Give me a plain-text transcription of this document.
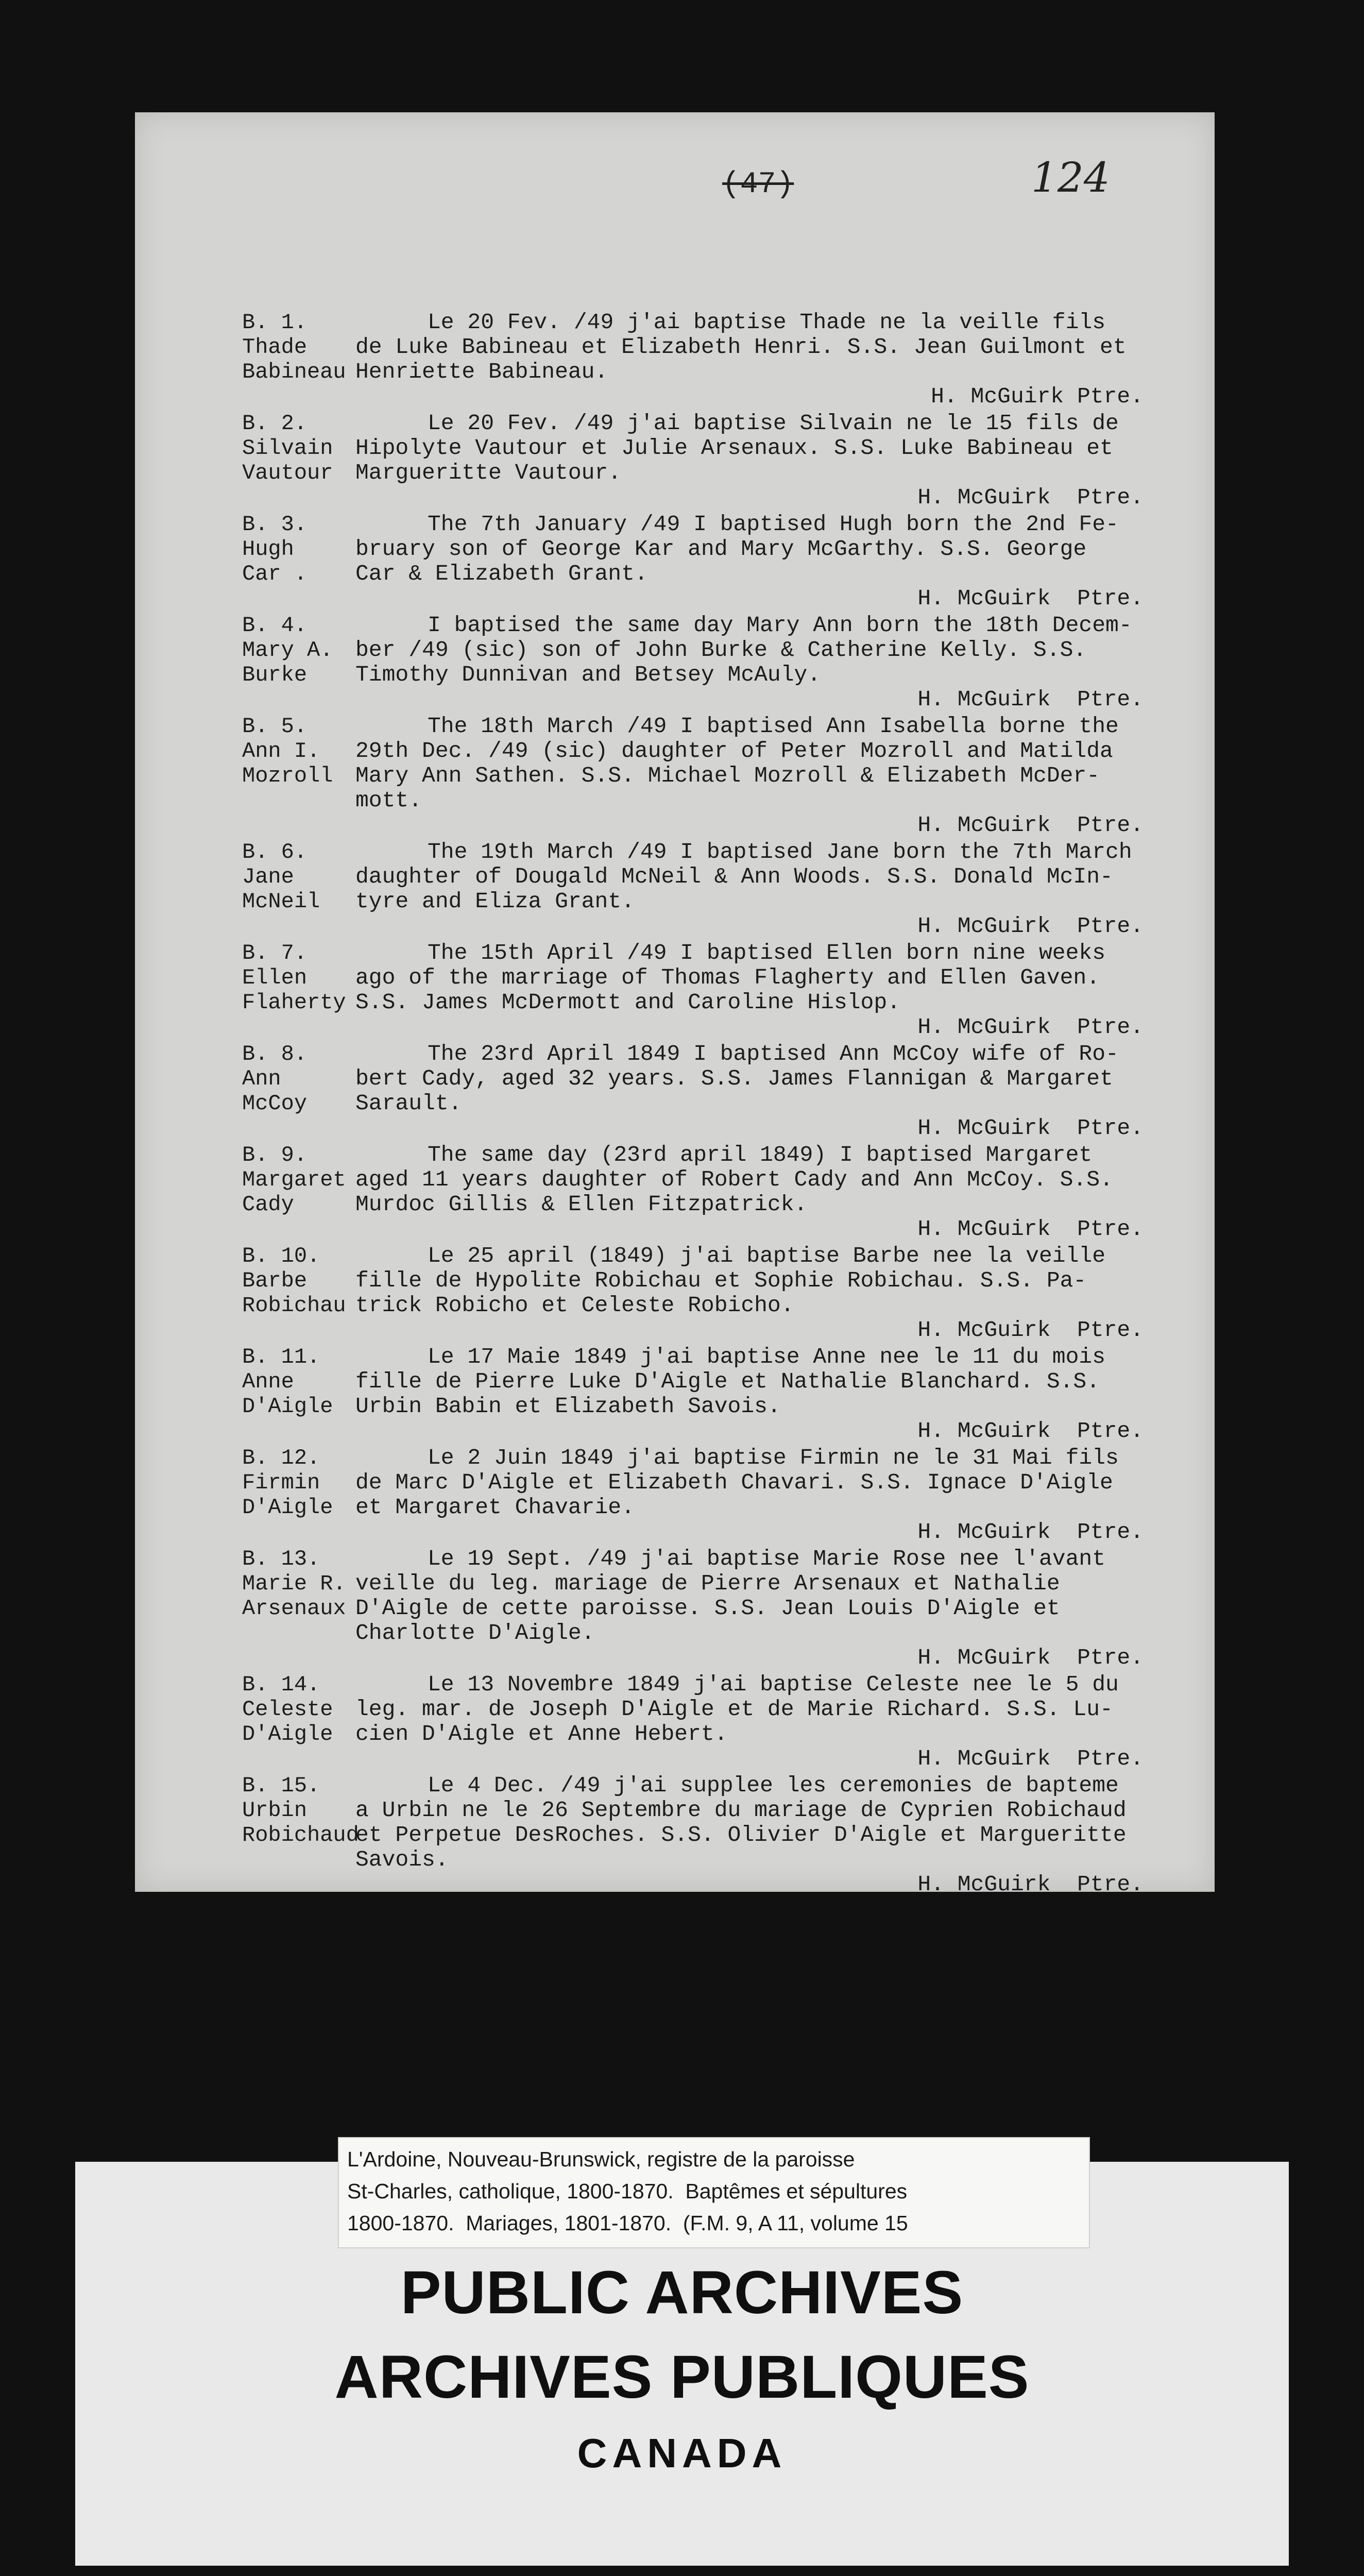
(47)	124
B. 1.
Thade
Babineau
Le 20 Fev. /49 j'ai baptise Thade ne la veille fils
de Luke Babineau et Elizabeth Henri. S.S. Jean Guilmont et
Henriette Babineau.
H. McGuirk Ptre.
B. 2.
Silvain
Vautour
Le 20 Fev. /49 j'ai baptise Silvain ne le 15 fils de
Hipolyte Vautour et Julie Arsenaux. S.S. Luke Babineau et
Margueritte Vautour.
H. McGuirk  Ptre.
B. 3.
Hugh
Car .
The 7th January /49 I baptised Hugh born the 2nd Fe-
bruary son of George Kar and Mary McGarthy. S.S. George
Car & Elizabeth Grant.
H. McGuirk  Ptre.
B. 4.
Mary A.
Burke
I baptised the same day Mary Ann born the 18th Decem-
ber /49 (sic) son of John Burke & Catherine Kelly. S.S.
Timothy Dunnivan and Betsey McAuly.
H. McGuirk  Ptre.
B. 5.
Ann I.
Mozroll
The 18th March /49 I baptised Ann Isabella borne the
29th Dec. /49 (sic) daughter of Peter Mozroll and Matilda
Mary Ann Sathen. S.S. Michael Mozroll & Elizabeth McDer-
mott.
H. McGuirk  Ptre.
B. 6.
Jane
McNeil
The 19th March /49 I baptised Jane born the 7th March
daughter of Dougald McNeil & Ann Woods. S.S. Donald McIn-
tyre and Eliza Grant.
H. McGuirk  Ptre.
B. 7.
Ellen
Flaherty
The 15th April /49 I baptised Ellen born nine weeks
ago of the marriage of Thomas Flagherty and Ellen Gaven.
S.S. James McDermott and Caroline Hislop.
H. McGuirk  Ptre.
B. 8.
Ann
McCoy
The 23rd April 1849 I baptised Ann McCoy wife of Ro-
bert Cady, aged 32 years. S.S. James Flannigan & Margaret
Sarault.
H. McGuirk  Ptre.
B. 9.
Margaret
Cady
The same day (23rd april 1849) I baptised Margaret
aged 11 years daughter of Robert Cady and Ann McCoy. S.S.
Murdoc Gillis & Ellen Fitzpatrick.
H. McGuirk  Ptre.
B. 10.
Barbe
Robichau
Le 25 april (1849) j'ai baptise Barbe nee la veille
fille de Hypolite Robichau et Sophie Robichau. S.S. Pa-
trick Robicho et Celeste Robicho.
H. McGuirk  Ptre.
B. 11.
Anne
D'Aigle
Le 17 Maie 1849 j'ai baptise Anne nee le 11 du mois
fille de Pierre Luke D'Aigle et Nathalie Blanchard. S.S.
Urbin Babin et Elizabeth Savois.
H. McGuirk  Ptre.
B. 12.
Firmin
D'Aigle
Le 2 Juin 1849 j'ai baptise Firmin ne le 31 Mai fils
de Marc D'Aigle et Elizabeth Chavari. S.S. Ignace D'Aigle
et Margaret Chavarie.
H. McGuirk  Ptre.
B. 13.
Marie R.
Arsenaux
Le 19 Sept. /49 j'ai baptise Marie Rose nee l'avant
veille du leg. mariage de Pierre Arsenaux et Nathalie
D'Aigle de cette paroisse. S.S. Jean Louis D'Aigle et
Charlotte D'Aigle.
H. McGuirk  Ptre.
B. 14.
Celeste
D'Aigle
Le 13 Novembre 1849 j'ai baptise Celeste nee le 5 du
leg. mar. de Joseph D'Aigle et de Marie Richard. S.S. Lu-
cien D'Aigle et Anne Hebert.
H. McGuirk  Ptre.
B. 15.
Urbin
Robichaud
Le 4 Dec. /49 j'ai supplee les ceremonies de bapteme
a Urbin ne le 26 Septembre du mariage de Cyprien Robichaud
et Perpetue DesRoches. S.S. Olivier D'Aigle et Margueritte
Savois.
H. McGuirk  Ptre.
L'Ardoine, Nouveau-Brunswick, registre de la paroisse
St-Charles, catholique, 1800-1870.  Baptêmes et sépultures
1800-1870.  Mariages, 1801-1870.  (F.M. 9, A 11, volume 15
PUBLIC ARCHIVES
ARCHIVES PUBLIQUES
CANADA
